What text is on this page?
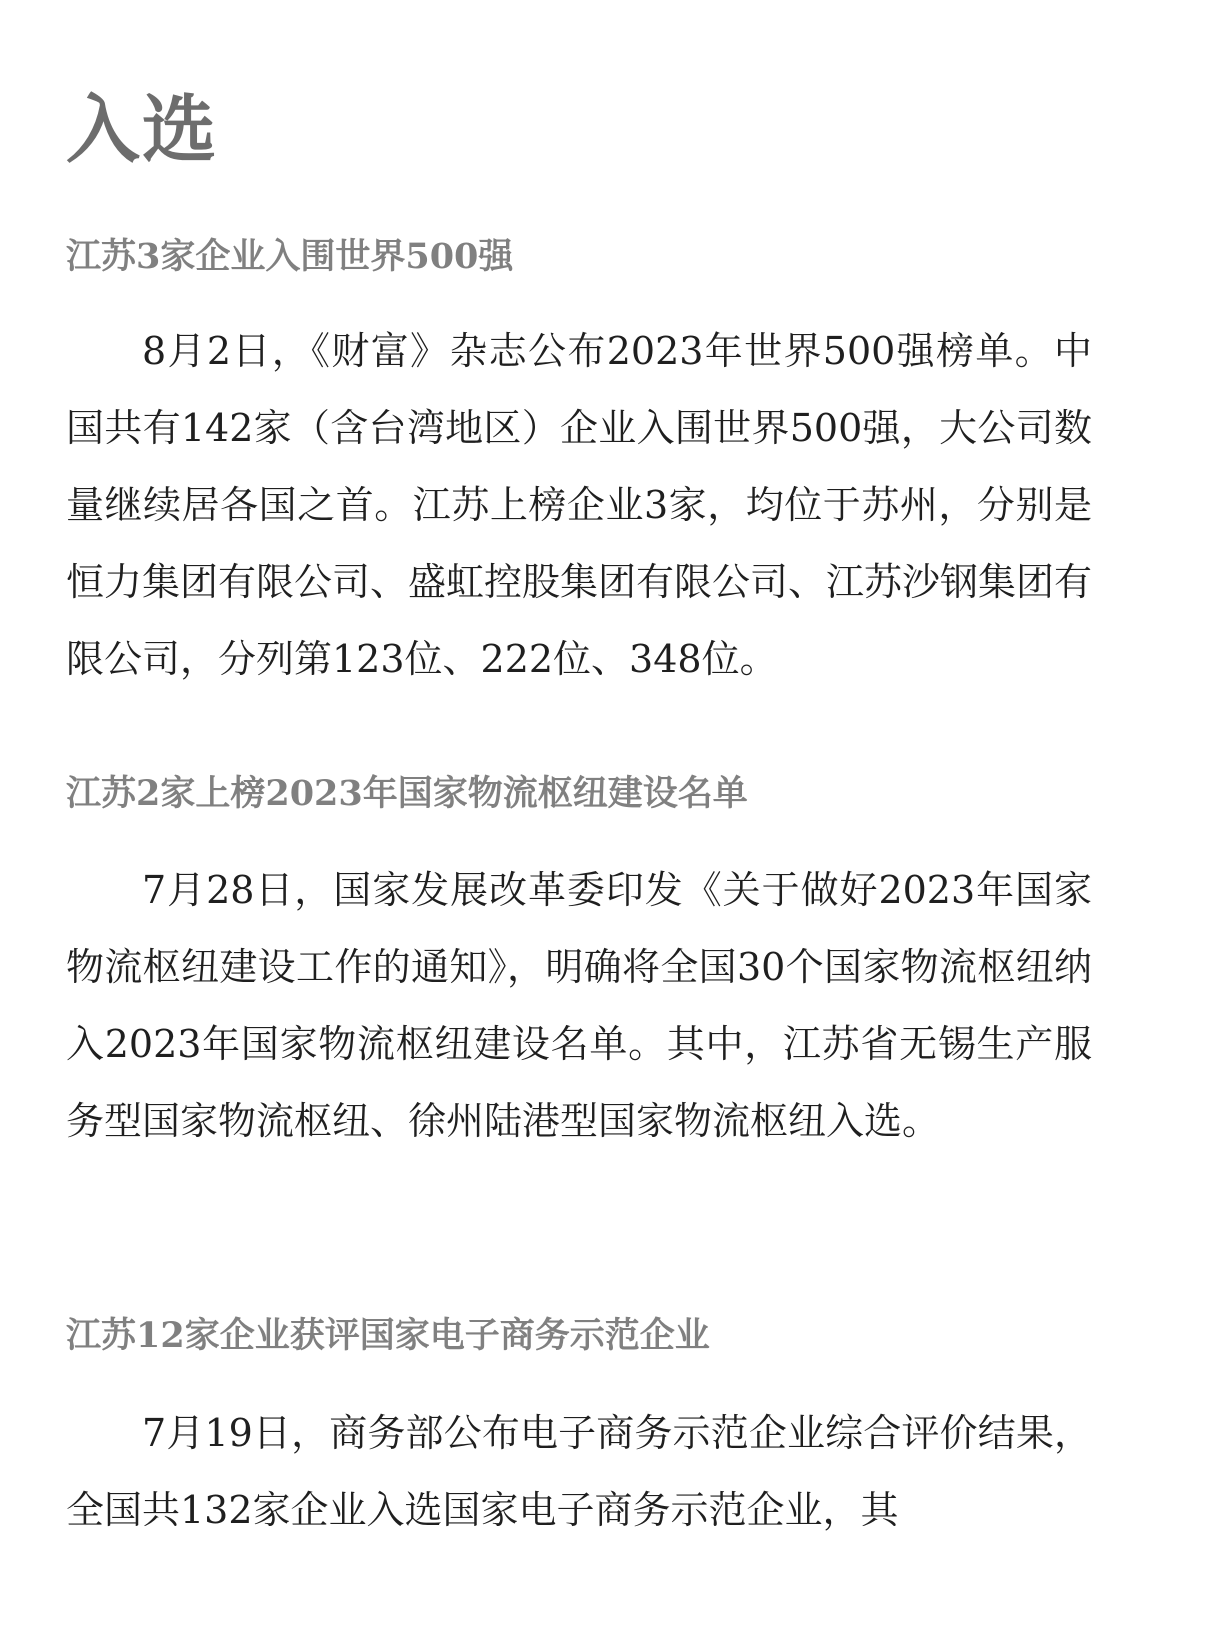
入选
江苏3家企业入围世界500强

8月2日，《财富》杂志公布2023年世界500强榜单。中国共有142家（含台湾地区）企业入围世界500强，大公司数量继续居各国之首。江苏上榜企业3家，均位于苏州，分别是恒力集团有限公司、盛虹控股集团有限公司、江苏沙钢集团有限公司，分列第123位、222位、348位。

江苏2家上榜2023年国家物流枢纽建设名单

7月28日，国家发展改革委印发《关于做好2023年国家物流枢纽建设工作的通知》，明确将全国30个国家物流枢纽纳入2023年国家物流枢纽建设名单。其中，江苏省无锡生产服务型国家物流枢纽、徐州陆港型国家物流枢纽入选。

江苏12家企业获评国家电子商务示范企业

7月19日，商务部公布电子商务示范企业综合评价结果，全国共132家企业入选国家电子商务示范企业，其
